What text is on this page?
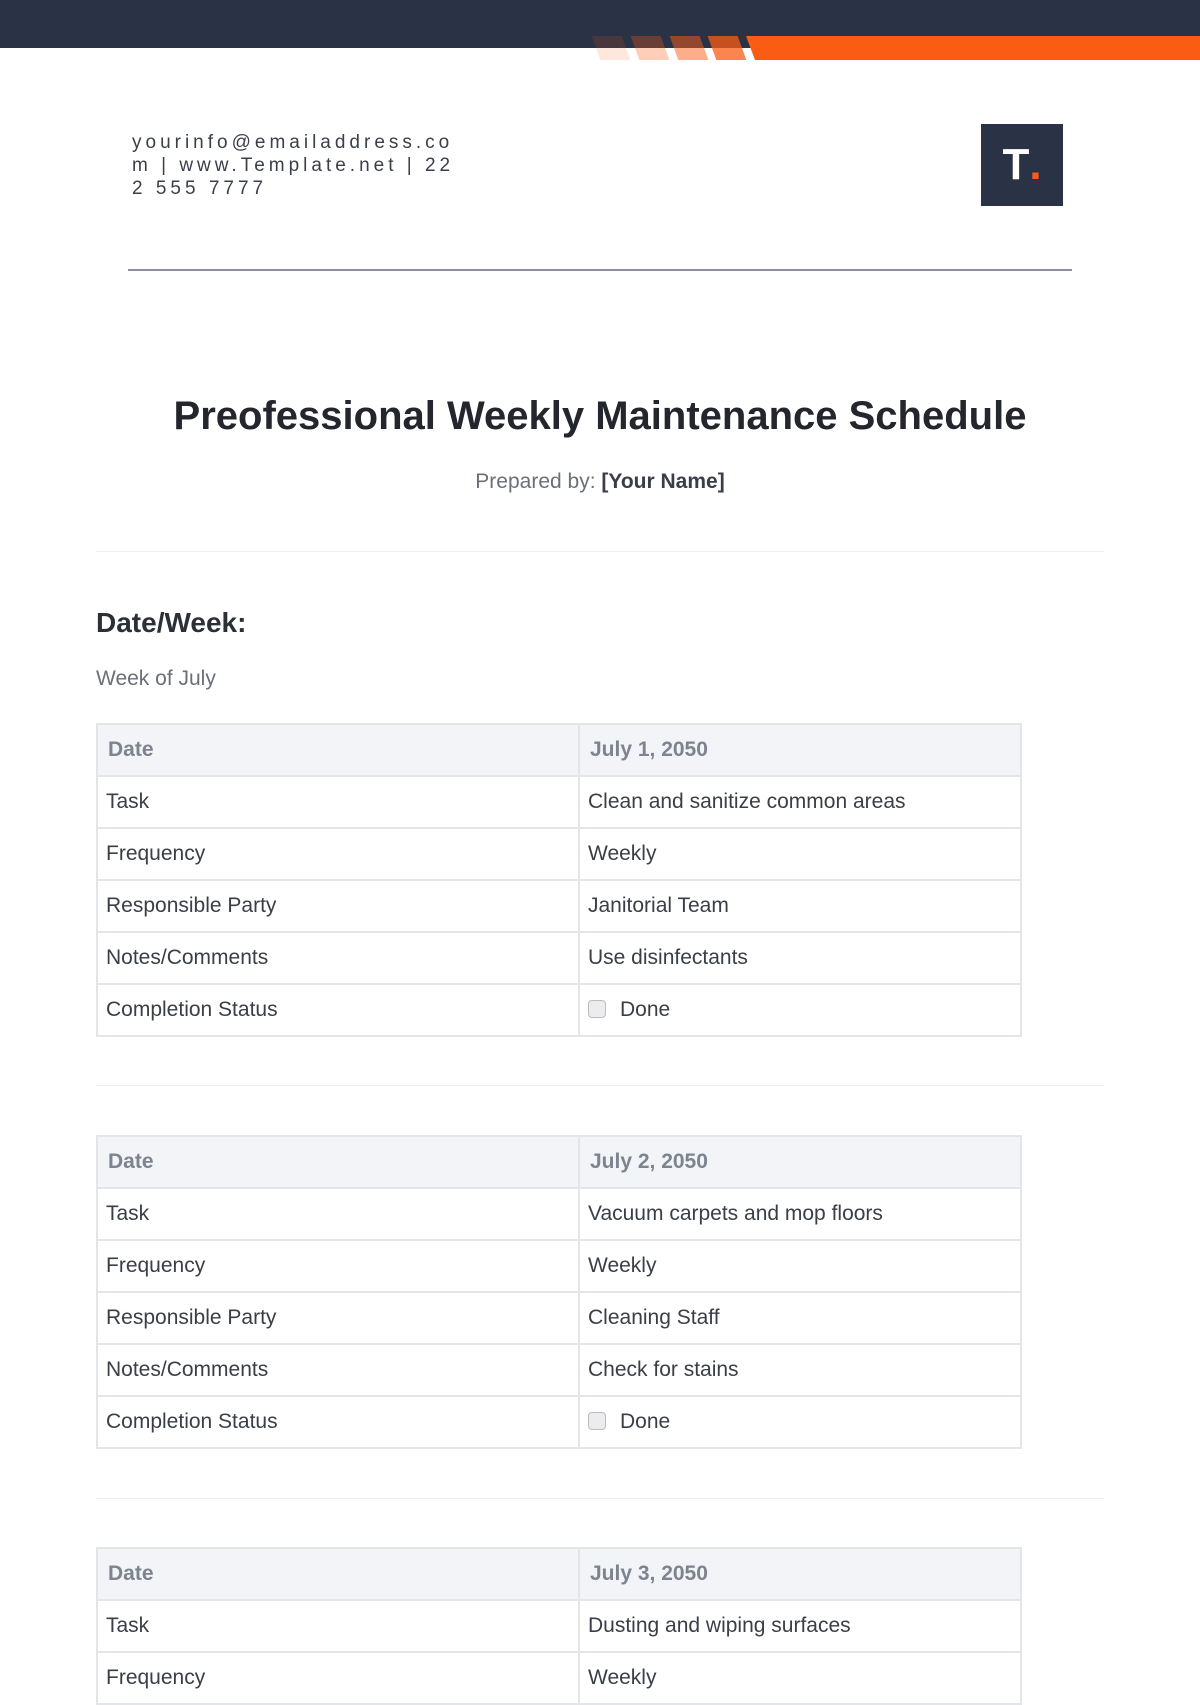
yourinfo@emailaddress.com | www.Template.net | 222 555 7777	T .
Preofessional Weekly Maintenance Schedule
Prepared by: [Your Name]
Date/Week:
Week of July
Date	July 1, 2050
Task	Clean and sanitize common areas
Frequency	Weekly
Responsible Party	Janitorial Team
Notes/Comments	Use disinfectants
Completion Status	Done
Date	July 2, 2050
Task	Vacuum carpets and mop floors
Frequency	Weekly
Responsible Party	Cleaning Staff
Notes/Comments	Check for stains
Completion Status	Done
Date	July 3, 2050
Task	Dusting and wiping surfaces
Frequency	Weekly
